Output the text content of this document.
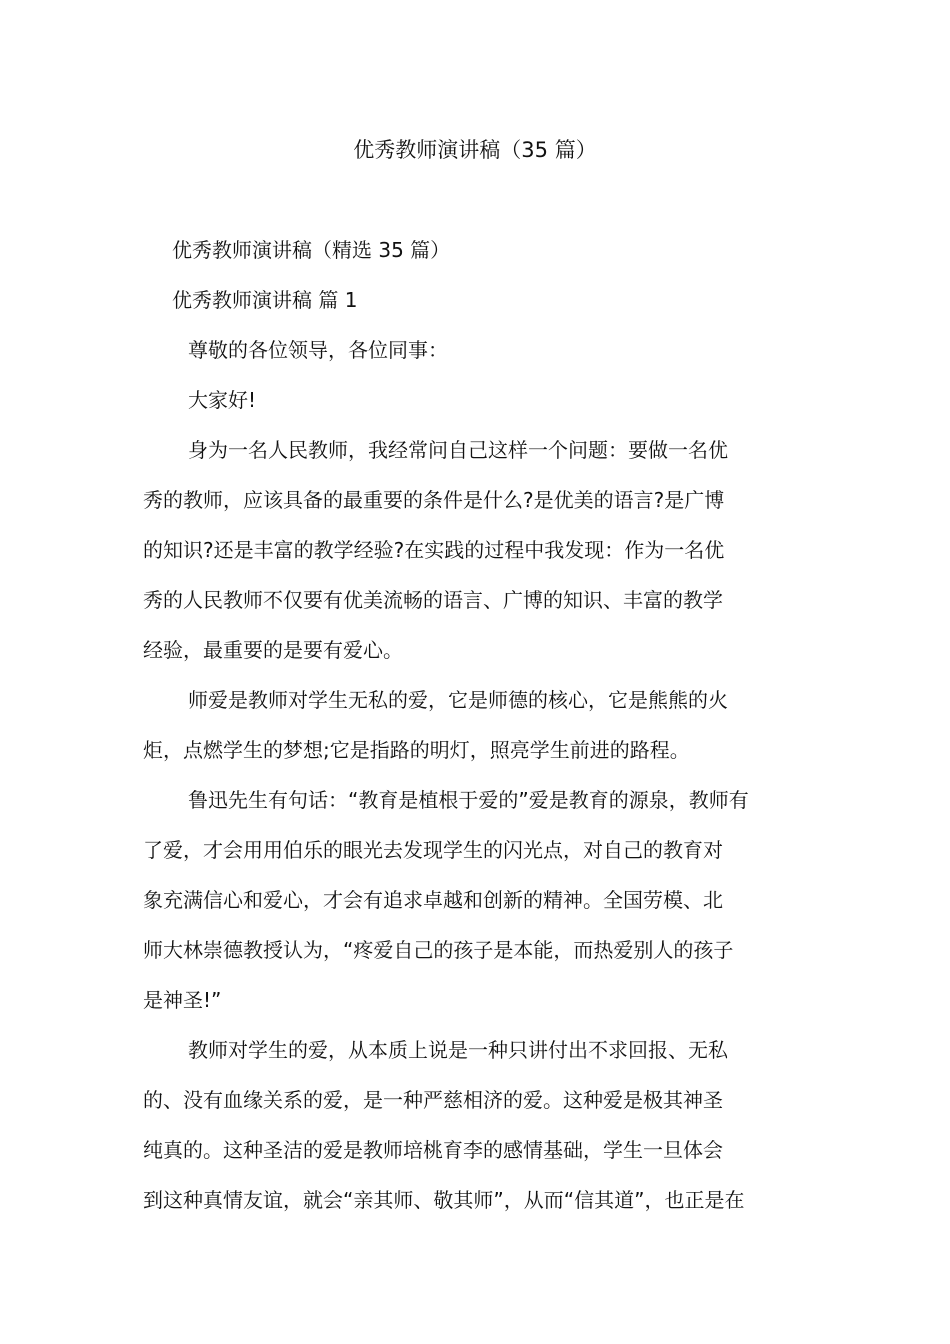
优秀教师演讲稿（35 篇）
优秀教师演讲稿（精选 35 篇）
优秀教师演讲稿 篇 1
尊敬的各位领导，各位同事：
大家好!
身为一名人民教师，我经常问自己这样一个问题：要做一名优
秀的教师，应该具备的最重要的条件是什么?是优美的语言?是广博
的知识?还是丰富的教学经验?在实践的过程中我发现：作为一名优
秀的人民教师不仅要有优美流畅的语言、广博的知识、丰富的教学
经验，最重要的是要有爱心。
师爱是教师对学生无私的爱，它是师德的核心，它是熊熊的火
炬，点燃学生的梦想;它是指路的明灯，照亮学生前进的路程。
鲁迅先生有句话：“教育是植根于爱的”爱是教育的源泉，教师有
了爱，才会用用伯乐的眼光去发现学生的闪光点，对自己的教育对
象充满信心和爱心，才会有追求卓越和创新的精神。全国劳模、北
师大林崇德教授认为，“疼爱自己的孩子是本能，而热爱别人的孩子
是神圣!”
教师对学生的爱，从本质上说是一种只讲付出不求回报、无私
的、没有血缘关系的爱，是一种严慈相济的爱。这种爱是极其神圣
纯真的。这种圣洁的爱是教师培桃育李的感情基础，学生一旦体会
到这种真情友谊，就会“亲其师、敬其师”，从而“信其道”，也正是在
